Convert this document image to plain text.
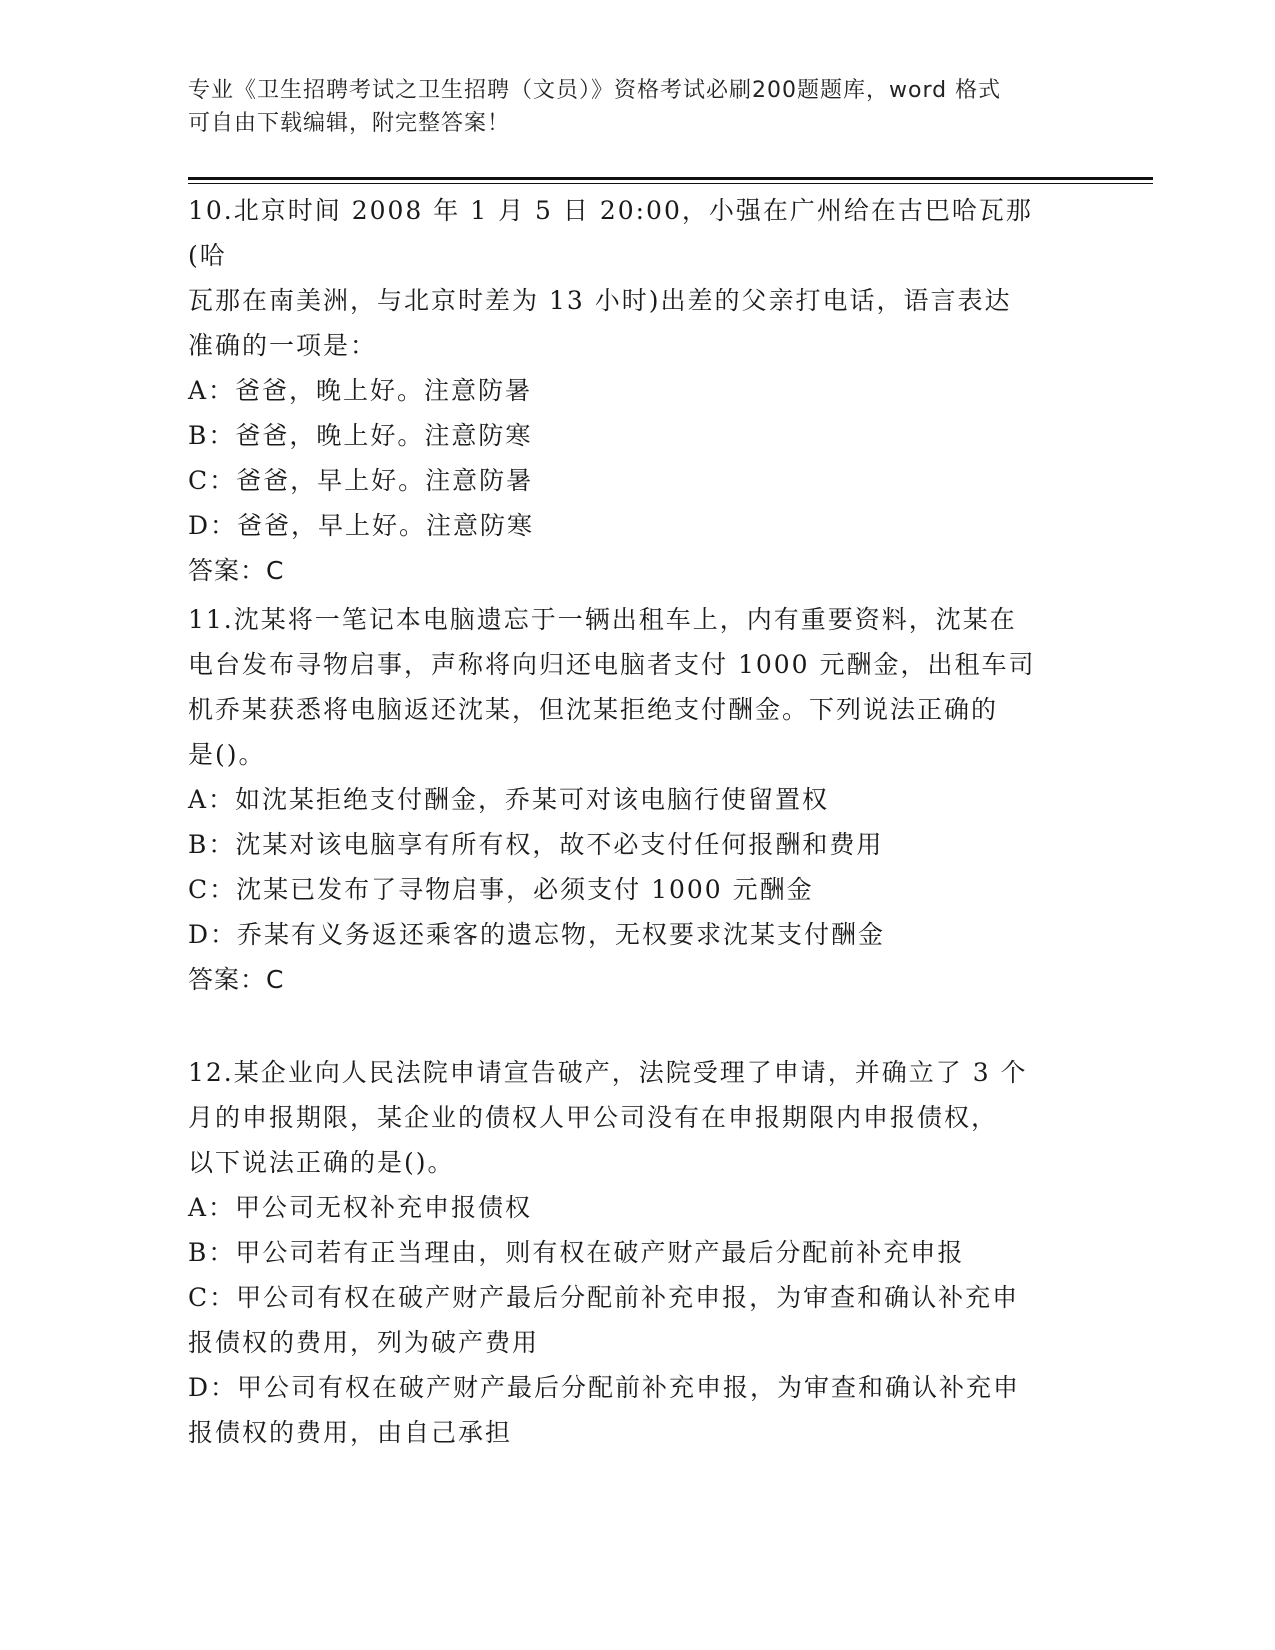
专业《卫生招聘考试之卫生招聘（文员）》资格考试必刷200题题库，word 格式
可自由下载编辑，附完整答案！
10.北京时间 2008 年 1 月 5 日 20:00，小强在广州给在古巴哈瓦那(哈
瓦那在南美洲，与北京时差为 13 小时)出差的父亲打电话，语言表达
准确的一项是：
A：爸爸，晚上好。注意防暑
B：爸爸，晚上好。注意防寒
C：爸爸，早上好。注意防暑
D：爸爸，早上好。注意防寒
答案：C
11.沈某将一笔记本电脑遗忘于一辆出租车上，内有重要资料，沈某在
电台发布寻物启事，声称将向归还电脑者支付 1000 元酬金，出租车司
机乔某获悉将电脑返还沈某，但沈某拒绝支付酬金。下列说法正确的
是()。
A：如沈某拒绝支付酬金，乔某可对该电脑行使留置权
B：沈某对该电脑享有所有权，故不必支付任何报酬和费用
C：沈某已发布了寻物启事，必须支付 1000 元酬金
D：乔某有义务返还乘客的遗忘物，无权要求沈某支付酬金
答案：C
12.某企业向人民法院申请宣告破产，法院受理了申请，并确立了 3 个
月的申报期限，某企业的债权人甲公司没有在申报期限内申报债权，
以下说法正确的是()。
A：甲公司无权补充申报债权
B：甲公司若有正当理由，则有权在破产财产最后分配前补充申报
C：甲公司有权在破产财产最后分配前补充申报，为审查和确认补充申
报债权的费用，列为破产费用
D：甲公司有权在破产财产最后分配前补充申报，为审查和确认补充申
报债权的费用，由自己承担
